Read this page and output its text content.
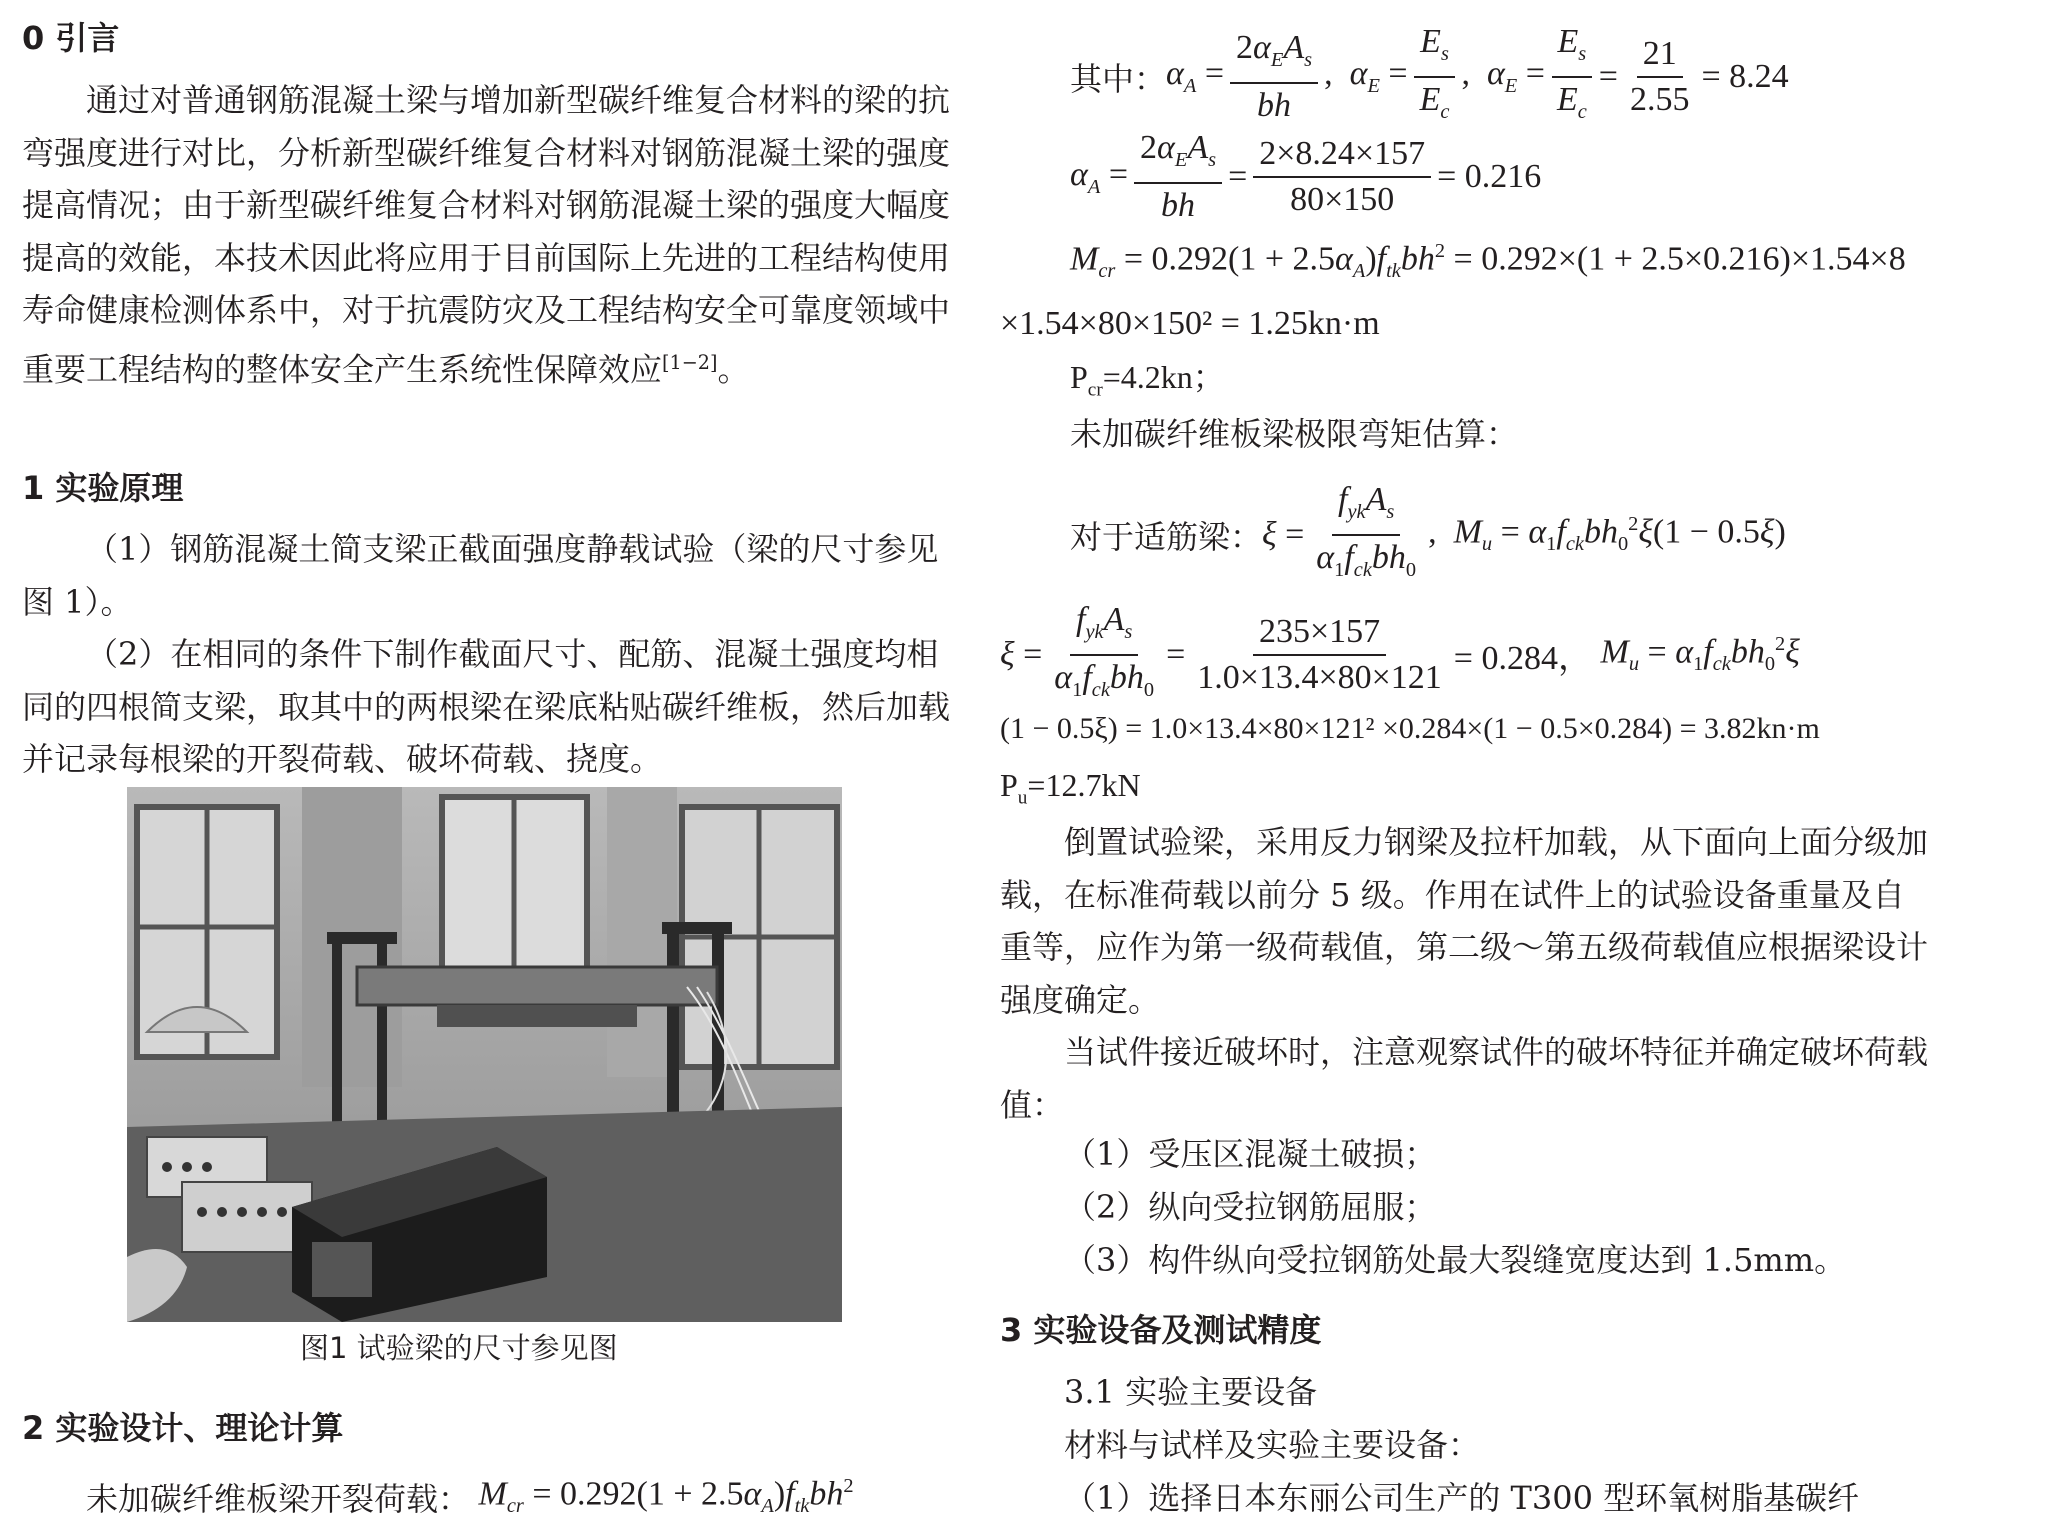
0 引言

通过对普通钢筋混凝土梁与增加新型碳纤维复合材料的梁的抗弯强度进行对比，分析新型碳纤维复合材料对钢筋混凝土梁的强度提高情况；由于新型碳纤维复合材料对钢筋混凝土梁的强度大幅度提高的效能，本技术因此将应用于目前国际上先进的工程结构使用寿命健康检测体系中，对于抗震防灾及工程结构安全可靠度领域中重要工程结构的整体安全产生系统性保障效应[1−2]。

1 实验原理

（1）钢筋混凝土简支梁正截面强度静载试验（梁的尺寸参见图 1）。

（2）在相同的条件下制作截面尺寸、配筋、混凝土强度均相同的四根简支梁，取其中的两根梁在梁底粘贴碳纤维板，然后加载并记录每根梁的开裂荷载、破坏荷载、挠度。

2 实验设计、理论计算
未加碳纤维板梁开裂荷载： $M_{cr} = 0.292(1 + 2.5\alpha_A)f_{tk}bh^2$
图1 试验梁的尺寸参见图
其中： $\alpha_A = \frac{2\alpha_EA_s}{bh}$ ,  $\alpha_E = \frac{E_s}{E_c}$ ,  $\alpha_E = \frac{E_s}{E_c} = \frac{21}{2.55} = 8.24$
$\alpha_A = \frac{2\alpha_EA_s}{bh} = \frac{2\times 8.24\times 157}{80\times 150} = 0.216$
$M_{cr} = 0.292(1 + 2.5\alpha_A)f_{tk}bh^2 = 0.292\times(1 + 2.5\times 0.216)\times 1.54\times 8$
×1.54×80×150² = 1.25kn·m
$P_{cr}=4.2kn$；
未加碳纤维板梁极限弯矩估算：
对于适筋梁： $\xi = \frac{f_{yk}A_s}{\alpha_1f_{ck}bh_0}$ ,  $M_u = \alpha_1f_{ck}bh_0^2\xi(1 - 0.5\xi)$
$\xi = \frac{f_{yk}A_s}{\alpha_1f_{ck}bh_0} = \frac{235\times 157}{1.0\times 13.4\times 80\times 121} = 0.284$， $M_u = \alpha_1f_{ck}bh_0^2\xi$
(1 − 0.5ξ) = 1.0×13.4×80×121² ×0.284×(1 − 0.5×0.284) = 3.82kn·m
$P_u=12.7kN$

倒置试验梁，采用反力钢梁及拉杆加载，从下面向上面分级加载，在标准荷载以前分 5 级。作用在试件上的试验设备重量及自重等，应作为第一级荷载值，第二级～第五级荷载值应根据梁设计强度确定。

当试件接近破坏时，注意观察试件的破坏特征并确定破坏荷载值：

（1）受压区混凝土破损；
（2）纵向受拉钢筋屈服；
（3）构件纵向受拉钢筋处最大裂缝宽度达到 1.5mm。
3 实验设备及测试精度
3.1 实验主要设备
材料与试样及实验主要设备：
（1）选择日本东丽公司生产的 T300 型环氧树脂基碳纤
